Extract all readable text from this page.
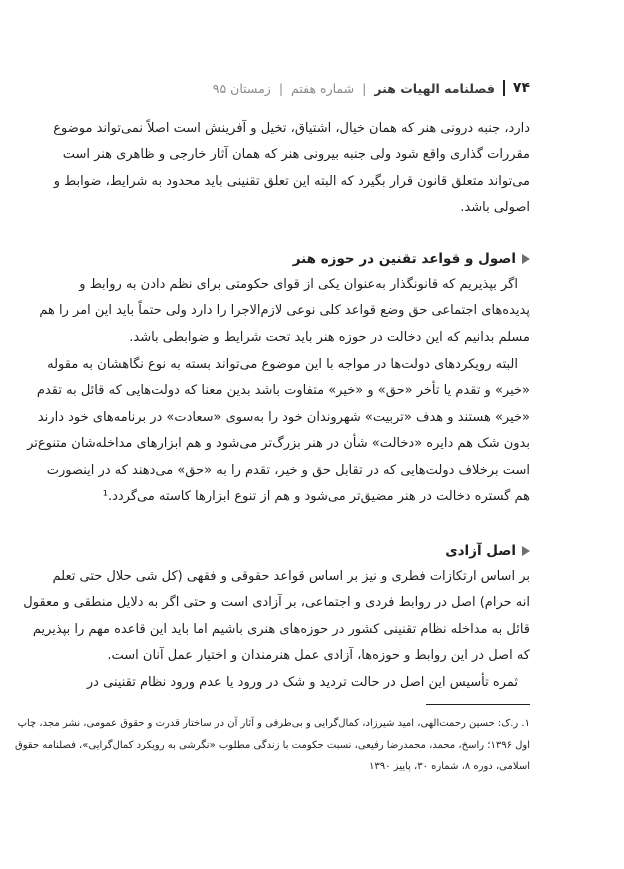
۷۴
فصلنامه الهیات هنر
|
شماره هفتم
|
زمستان ۹۵
دارد، جنبه درونی هنر که همان خیال، اشتیاق، تخیل و آفرینش است اصلاً نمی‌تواند موضوع
مقررات گذاری واقع شود ولی جنبه بیرونی هنر که همان آثار خارجی و ظاهری هنر است
می‌تواند متعلق قانون قرار بگیرد که البته این تعلق تقنینی باید محدود به شرایط، ضوابط و
اصولی باشد.
اصول و قواعد تقنین در حوزه هنر
اگر بپذیریم که قانونگذار به‌عنوان یکی از قوای حکومتی برای نظم دادن به روابط و
پدیده‌های اجتماعی حق وضع قواعد کلی نوعی لازم‌الاجرا را دارد ولی حتماً باید این امر را هم
مسلم بدانیم که این دخالت در حوزه هنر باید تحت شرایط و ضوابطی باشد.
البته رویکردهای دولت‌ها در مواجه با این موضوع می‌تواند بسته به نوع نگاهشان به مقوله
«خیر» و تقدم یا تأخر «حق» و «خیر» متفاوت باشد بدین معنا که دولت‌هایی که قائل به تقدم
«خیر» هستند و هدف «تربیت» شهروندان خود را به‌سوی «سعادت» در برنامه‌های خود دارند
بدون شک هم دایره «دخالت» شأن در هنر بزرگ‌تر می‌شود و هم ابزارهای مداخله‌شان متنوع‌تر
است برخلاف دولت‌هایی که در تقابل حق و خیر، تقدم را به «حق» می‌دهند که در اینصورت
هم گستره دخالت در هنر مضیق‌تر می‌شود و هم از تنوع ابزارها کاسته می‌گردد.¹
اصل آزادی
بر اساس ارتکازات فطری و نیز بر اساس قواعد حقوقی و فقهی (کل شی حلال حتی تعلم
انه حرام) اصل در روابط فردی و اجتماعی، بر آزادی است و حتی اگر به دلایل منطقی و معقول
قائل به مداخله نظام تقنینی کشور در حوزه‌های هنری باشیم اما باید این قاعده مهم را بپذیریم
که اصل در این روابط و حوزه‌ها، آزادی عمل هنرمندان و اختیار عمل آنان است.
ثمره تأسیس این اصل در حالت تردید و شک در ورود یا عدم ورود نظام تقنینی در
۱. ر.ک: حسین رحمت‌الهی، امید شیرزاد، کمال‌گرایی و بی‌طرفی و آثار آن در ساختار قدرت و حقوق عمومی، نشر مجد، چاپ
اول ۱۳۹۶؛ راسخ، محمد، محمدرضا رفیعی، نسبت حکومت با زندگی مطلوب «نگرشی به رویکرد کمال‌گرایی»، فصلنامه حقوق
اسلامی، دوره ۸، شماره ۳۰، پاییز ۱۳۹۰
